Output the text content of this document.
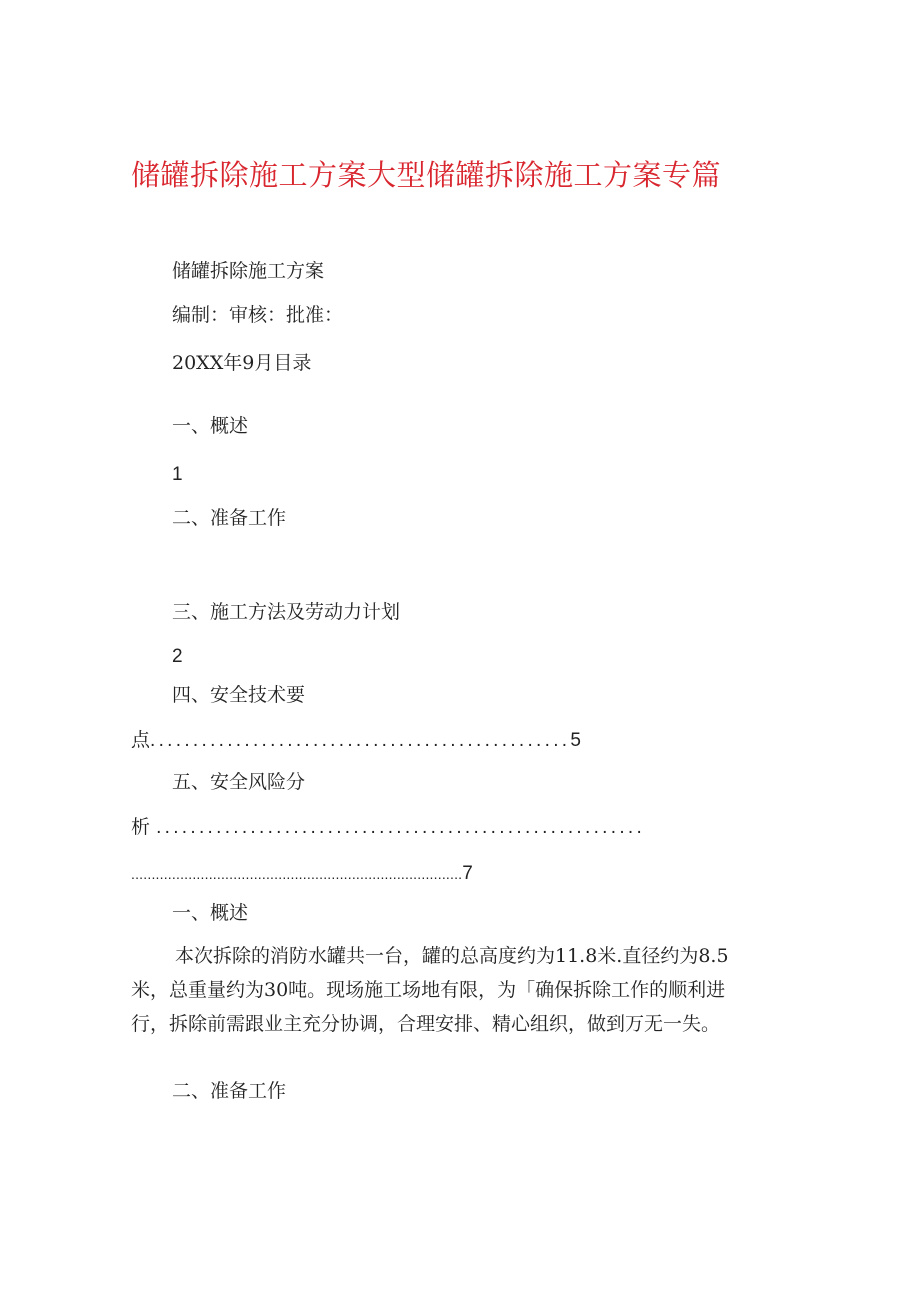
储罐拆除施工方案大型储罐拆除施工方案专篇
储罐拆除施工方案
编制：审核：批准：
20XX年9月目录
一、概述
1
二、准备工作
三、施工方法及劳动力计划
2
四、安全技术要
点.................................................5
五、安全风险分
析 .........................................................
.................................................................................7
一、概述
本次拆除的消防水罐共一台，罐的总高度约为11.8米.直径约为8.5
米，总重量约为30吨。现场施工场地有限，为「确保拆除工作的顺利进
行，拆除前需跟业主充分协调，合理安排、精心组织，做到万无一失。
二、准备工作
